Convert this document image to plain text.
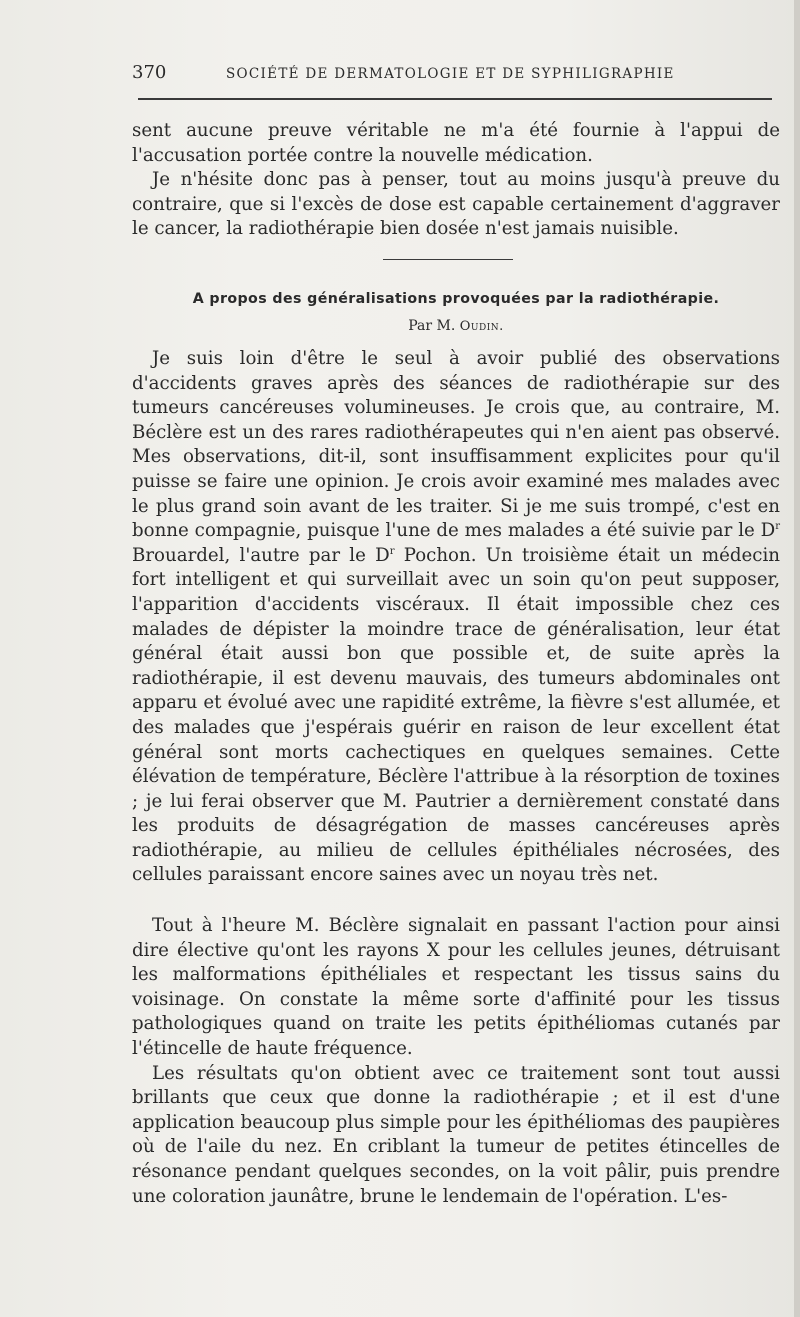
370	SOCIÉTÉ DE DERMATOLOGIE ET DE SYPHILIGRAPHIE

sent aucune preuve véritable ne m'a été fournie à l'appui de l'accusation portée contre la nouvelle médication.

Je n'hésite donc pas à penser, tout au moins jusqu'à preuve du contraire, que si l'excès de dose est capable certainement d'aggraver le cancer, la radiothérapie bien dosée n'est jamais nuisible.

A propos des généralisations provoquées par la radiothérapie.
Par M. Oudin.

Je suis loin d'être le seul à avoir publié des observations d'accidents graves après des séances de radiothérapie sur des tumeurs cancéreuses volumineuses. Je crois que, au contraire, M. Béclère est un des rares radiothérapeutes qui n'en aient pas observé. Mes observations, dit-il, sont insuffisamment explicites pour qu'il puisse se faire une opinion. Je crois avoir examiné mes malades avec le plus grand soin avant de les traiter. Si je me suis trompé, c'est en bonne compagnie, puisque l'une de mes malades a été suivie par le $D^r$ Brouardel, l'autre par le $D^r$ Pochon. Un troisième était un médecin fort intelligent et qui surveillait avec un soin qu'on peut supposer, l'apparition d'accidents viscéraux. Il était impossible chez ces malades de dépister la moindre trace de généralisation, leur état général était aussi bon que possible et, de suite après la radiothérapie, il est devenu mauvais, des tumeurs abdominales ont apparu et évolué avec une rapidité extrême, la fièvre s'est allumée, et des malades que j'espérais guérir en raison de leur excellent état général sont morts cachectiques en quelques semaines. Cette élévation de température, Béclère l'attribue à la résorption de toxines ; je lui ferai observer que M. Pautrier a dernièrement constaté dans les produits de désagrégation de masses cancéreuses après radiothérapie, au milieu de cellules épithéliales nécrosées, des cellules paraissant encore saines avec un noyau très net.

Tout à l'heure M. Béclère signalait en passant l'action pour ainsi dire élective qu'ont les rayons X pour les cellules jeunes, détruisant les malformations épithéliales et respectant les tissus sains du voisinage. On constate la même sorte d'affinité pour les tissus pathologiques quand on traite les petits épithéliomas cutanés par l'étincelle de haute fréquence.

Les résultats qu'on obtient avec ce traitement sont tout aussi brillants que ceux que donne la radiothérapie ; et il est d'une application beaucoup plus simple pour les épithéliomas des paupières où de l'aile du nez. En criblant la tumeur de petites étincelles de résonance pendant quelques secondes, on la voit pâlir, puis prendre une coloration jaunâtre, brune le lendemain de l'opération. L'es-
